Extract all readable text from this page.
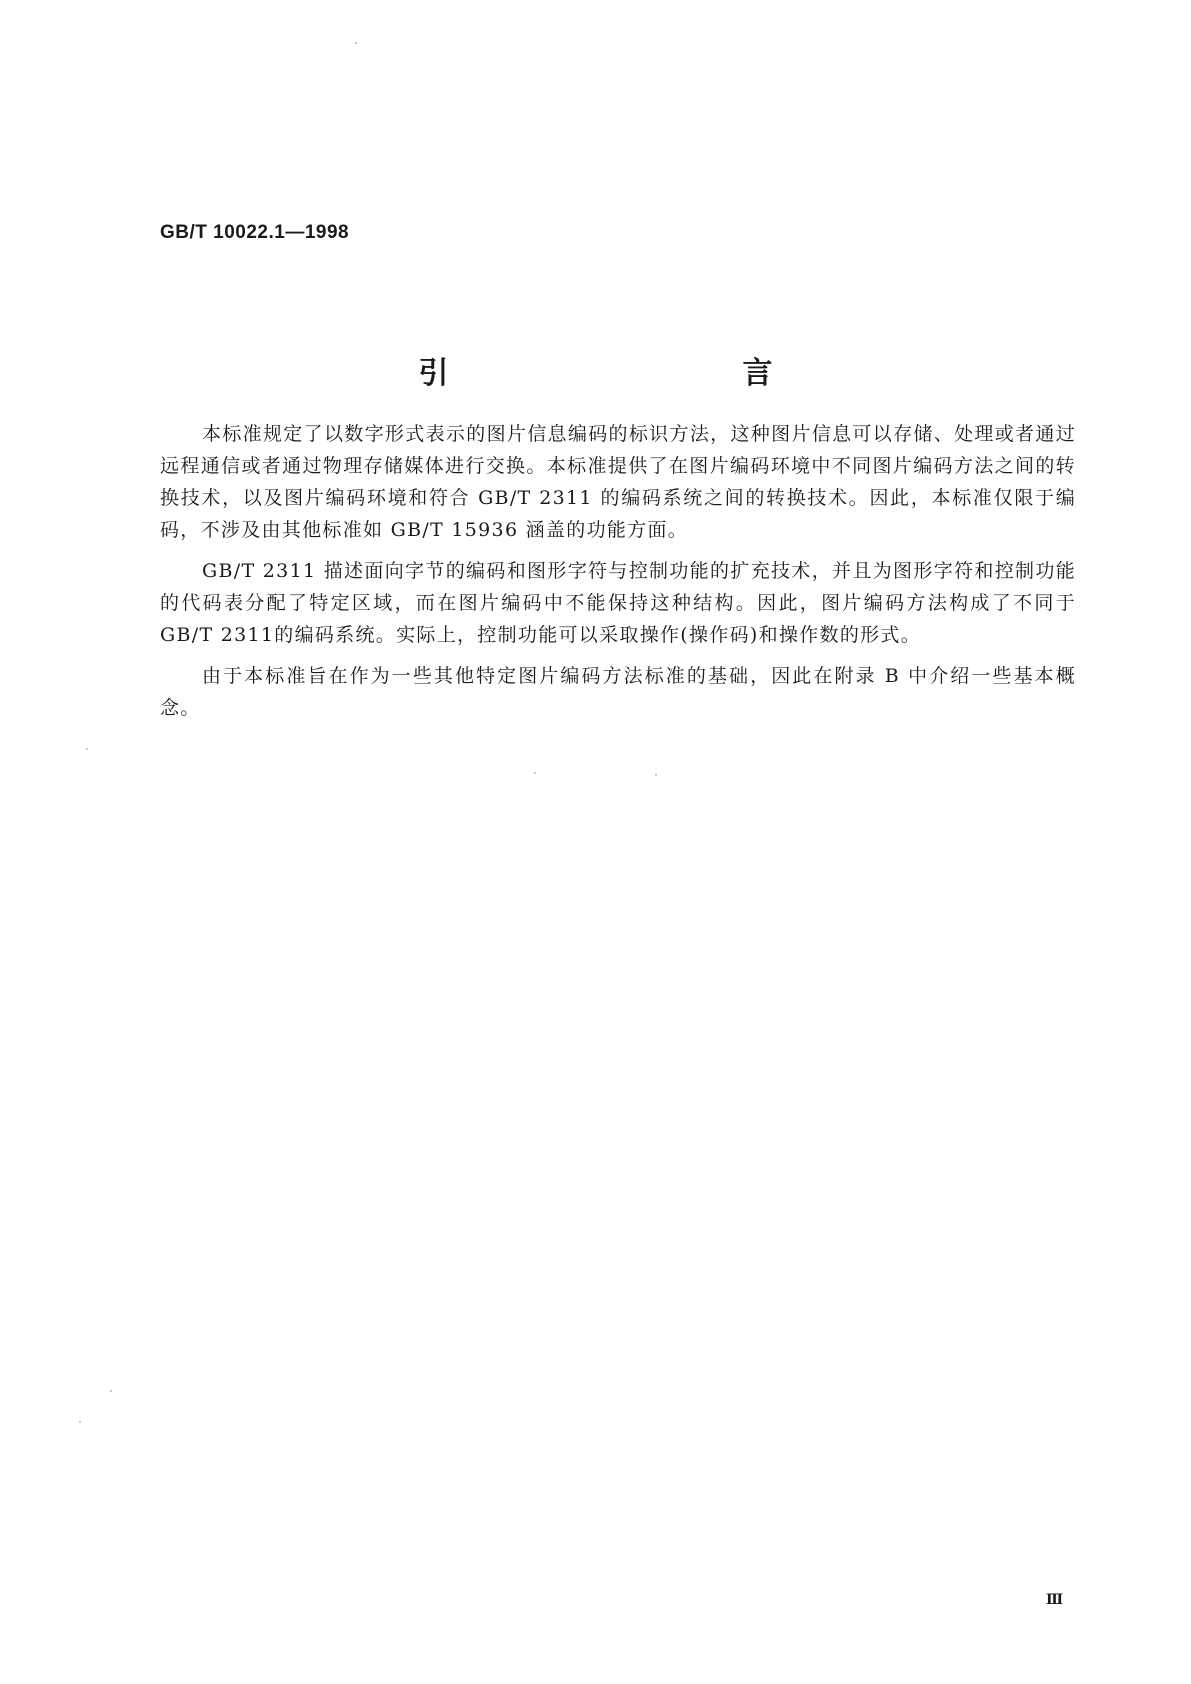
GB/T 10022.1—1998
引　　言

本标准规定了以数字形式表示的图片信息编码的标识方法，这种图片信息可以存储、处理或者通过远程通信或者通过物理存储媒体进行交换。本标准提供了在图片编码环境中不同图片编码方法之间的转换技术，以及图片编码环境和符合 GB/T 2311 的编码系统之间的转换技术。因此，本标准仅限于编码，不涉及由其他标准如 GB/T 15936 涵盖的功能方面。

GB/T 2311 描述面向字节的编码和图形字符与控制功能的扩充技术，并且为图形字符和控制功能的代码表分配了特定区域，而在图片编码中不能保持这种结构。因此，图片编码方法构成了不同于 GB/T 2311的编码系统。实际上，控制功能可以采取操作(操作码)和操作数的形式。

由于本标准旨在作为一些其他特定图片编码方法标准的基础，因此在附录 B 中介绍一些基本概念。

Ⅲ
